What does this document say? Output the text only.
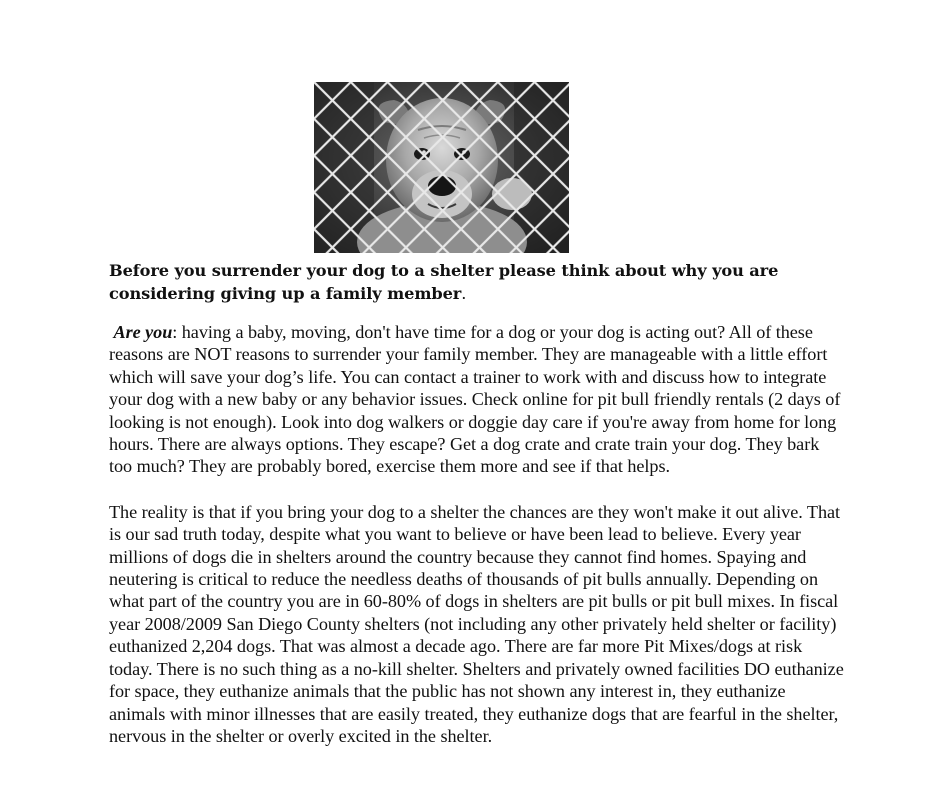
Before you surrender your dog to a shelter please think about why you are considering giving up a family member.

Are you: having a baby, moving, don't have time for a dog or your dog is acting out? All of these reasons are NOT reasons to surrender your family member. They are manageable with a little effort which will save your dog’s life. You can contact a trainer to work with and discuss how to integrate your dog with a new baby or any behavior issues. Check online for pit bull friendly rentals (2 days of looking is not enough). Look into dog walkers or doggie day care if you're away from home for long hours. There are always options. They escape? Get a dog crate and crate train your dog. They bark too much? They are probably bored, exercise them more and see if that helps.

The reality is that if you bring your dog to a shelter the chances are they won't make it out alive. That is our sad truth today, despite what you want to believe or have been lead to believe. Every year millions of dogs die in shelters around the country because they cannot find homes. Spaying and neutering is critical to reduce the needless deaths of thousands of pit bulls annually. Depending on what part of the country you are in 60-80% of dogs in shelters are pit bulls or pit bull mixes. In fiscal year 2008/2009 San Diego County shelters (not including any other privately held shelter or facility) euthanized 2,204 dogs. That was almost a decade ago. There are far more Pit Mixes/dogs at risk today. There is no such thing as a no-kill shelter. Shelters and privately owned facilities DO euthanize for space, they euthanize animals that the public has not shown any interest in, they euthanize animals with minor illnesses that are easily treated, they euthanize dogs that are fearful in the shelter, nervous in the shelter or overly excited in the shelter.
